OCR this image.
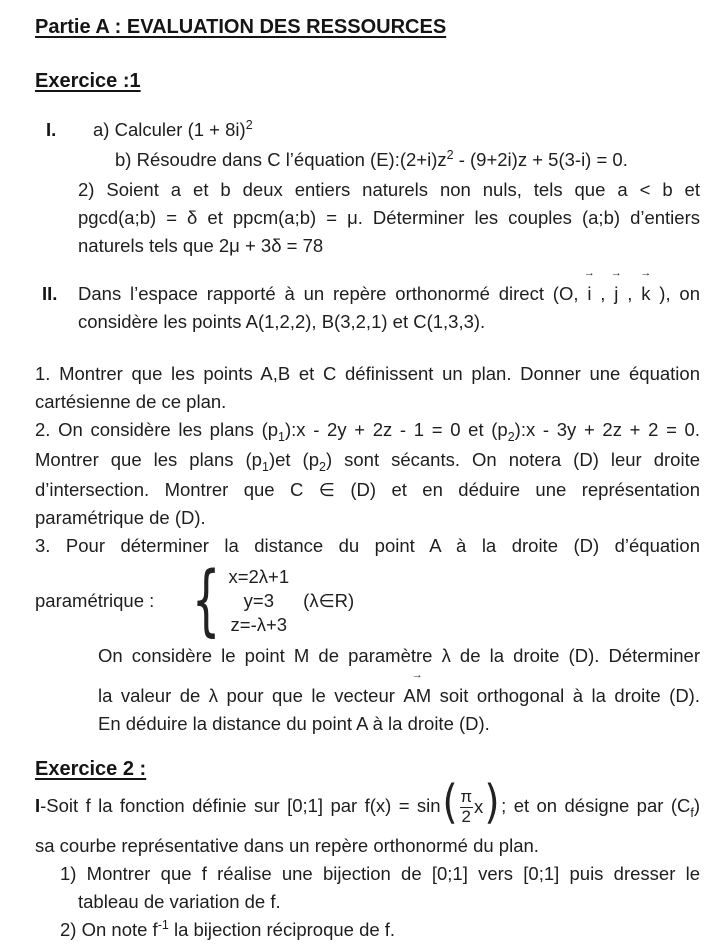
Partie A : EVALUATION DES RESSOURCES
Exercice :1
I.	a) Calculer $(1 + 8i)^2$
b) Résoudre dans C l’équation $(E):(2+i)z^2 - (9+2i)z + 5(3-i) = 0$.
2) Soient a et b deux entiers naturels non nuls, tels que a < b et
pgcd(a;b) = δ et ppcm(a;b) = μ. Déterminer les couples (a;b) d’entiers
naturels tels que 2μ + 3δ = 78
II. Dans l’espace rapporté à un repère orthonormé direct (O,
→
i ,
→
j ,
→
k ), on
considère les points A(1,2,2), B(3,2,1) et C(1,3,3).
1. Montrer que les points A,B et C définissent un plan. Donner une équation
cartésienne de ce plan.
2. On considère les plans $(p_1):x - 2y + 2z - 1 = 0$ et $(p_2):x - 3y + 2z + 2 = 0$.
Montrer que les plans $(p_1)et$ $(p_2)$ sont sécants. On notera (D) leur droite
d’intersection. Montrer que C ∈ (D) et en déduire une représentation
paramétrique de (D).
3. Pour déterminer la distance du point A à la droite (D) d’équation
paramétrique : { x=2λ+1
y=3
z=-λ+3
(λ∈R)
On considère le point M de paramètre λ de la droite (D). Déterminer
la valeur de λ pour que le vecteur
→
AM soit orthogonal à la droite (D).
En déduire la distance du point A à la droite (D).
Exercice 2 :
I-Soit f la fonction définie sur [0;1] par $f(x) = \sin( \frac{\pi}{2} x)$; et on désigne par $(C_f)$
sa courbe représentative dans un repère orthonormé du plan.
1) Montrer que f réalise une bijection de [0;1] vers [0;1] puis dresser le
tableau de variation de f.
2) On note $f^{-1}$ la bijection réciproque de f.
